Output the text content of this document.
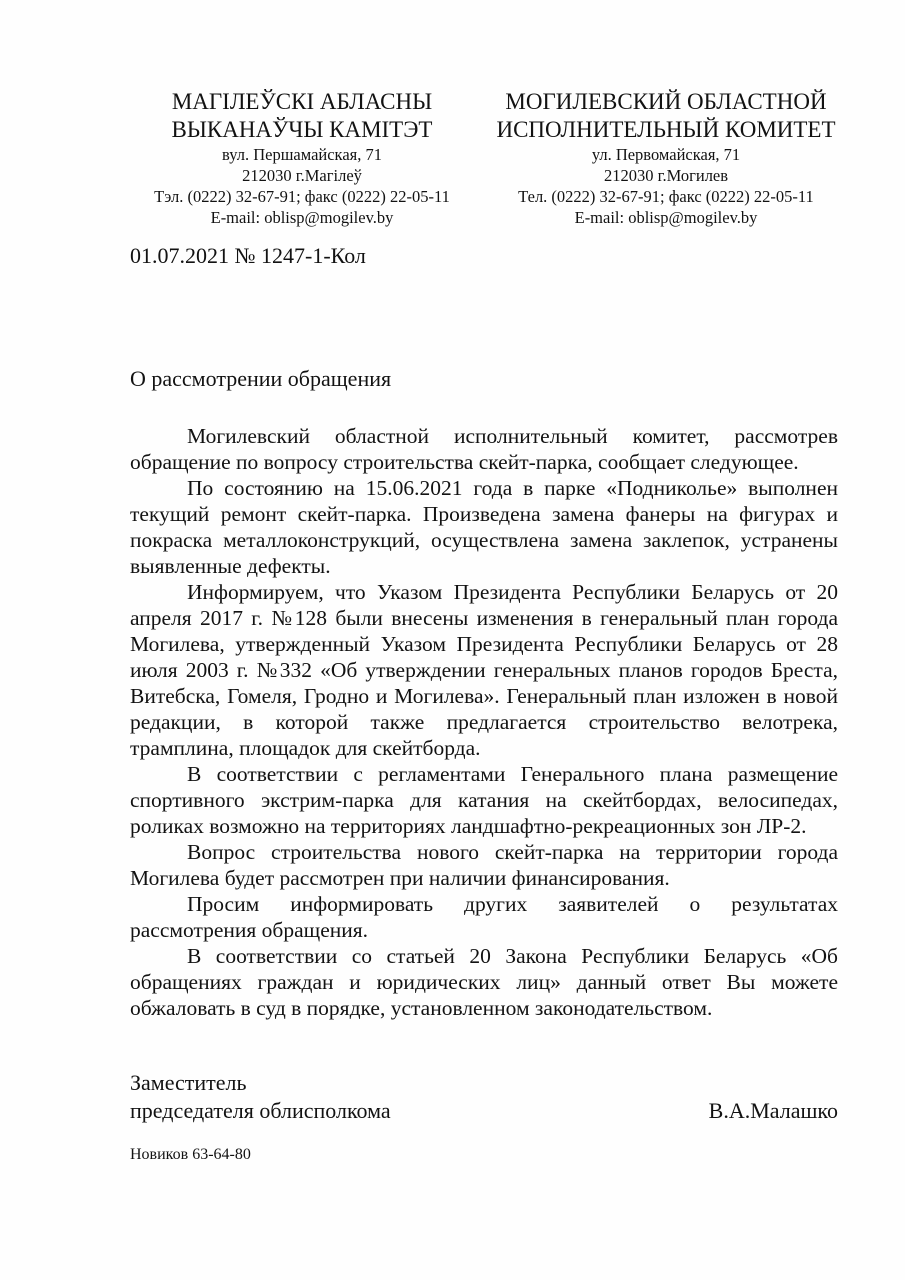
МАГІЛЕЎСКІ АБЛАСНЫ
ВЫКАНАЎЧЫ КАМІТЭТ
вул. Першамайская, 71
212030 г.Магілеў
Тэл. (0222) 32-67-91; факс (0222) 22-05-11
E-mail: oblisp@mogilev.by
МОГИЛЕВСКИЙ ОБЛАСТНОЙ
ИСПОЛНИТЕЛЬНЫЙ КОМИТЕТ
ул. Первомайская, 71
212030 г.Могилев
Тел. (0222) 32-67-91; факс (0222) 22-05-11
E-mail: oblisp@mogilev.by
01.07.2021 № 1247-1-Кол
О рассмотрении обращения

Могилевский областной исполнительный комитет, рассмотрев обращение по вопросу строительства скейт-парка, сообщает следующее.

По состоянию на 15.06.2021 года в парке «Подниколье» выполнен текущий ремонт скейт-парка. Произведена замена фанеры на фигурах и покраска металлоконструкций, осуществлена замена заклепок, устранены выявленные дефекты.

Информируем, что Указом Президента Республики Беларусь от 20 апреля 2017 г. №128 были внесены изменения в генеральный план города Могилева, утвержденный Указом Президента Республики Беларусь от 28 июля 2003 г. №332 «Об утверждении генеральных планов городов Бреста, Витебска, Гомеля, Гродно и Могилева». Генеральный план изложен в новой редакции, в которой также предлагается строительство велотрека, трамплина, площадок для скейтборда.

В соответствии с регламентами Генерального плана размещение спортивного экстрим-парка для катания на скейтбордах, велосипедах, роликах возможно на территориях ландшафтно-рекреационных зон ЛР-2.

Вопрос строительства нового скейт-парка на территории города Могилева будет рассмотрен при наличии финансирования.

Просим информировать других заявителей о результатах рассмотрения обращения.

В соответствии со статьей 20 Закона Республики Беларусь «Об обращениях граждан и юридических лиц» данный ответ Вы можете обжаловать в суд в порядке, установленном законодательством.

Заместитель
председателя облисполкома	В.А.Малашко
Новиков 63-64-80
